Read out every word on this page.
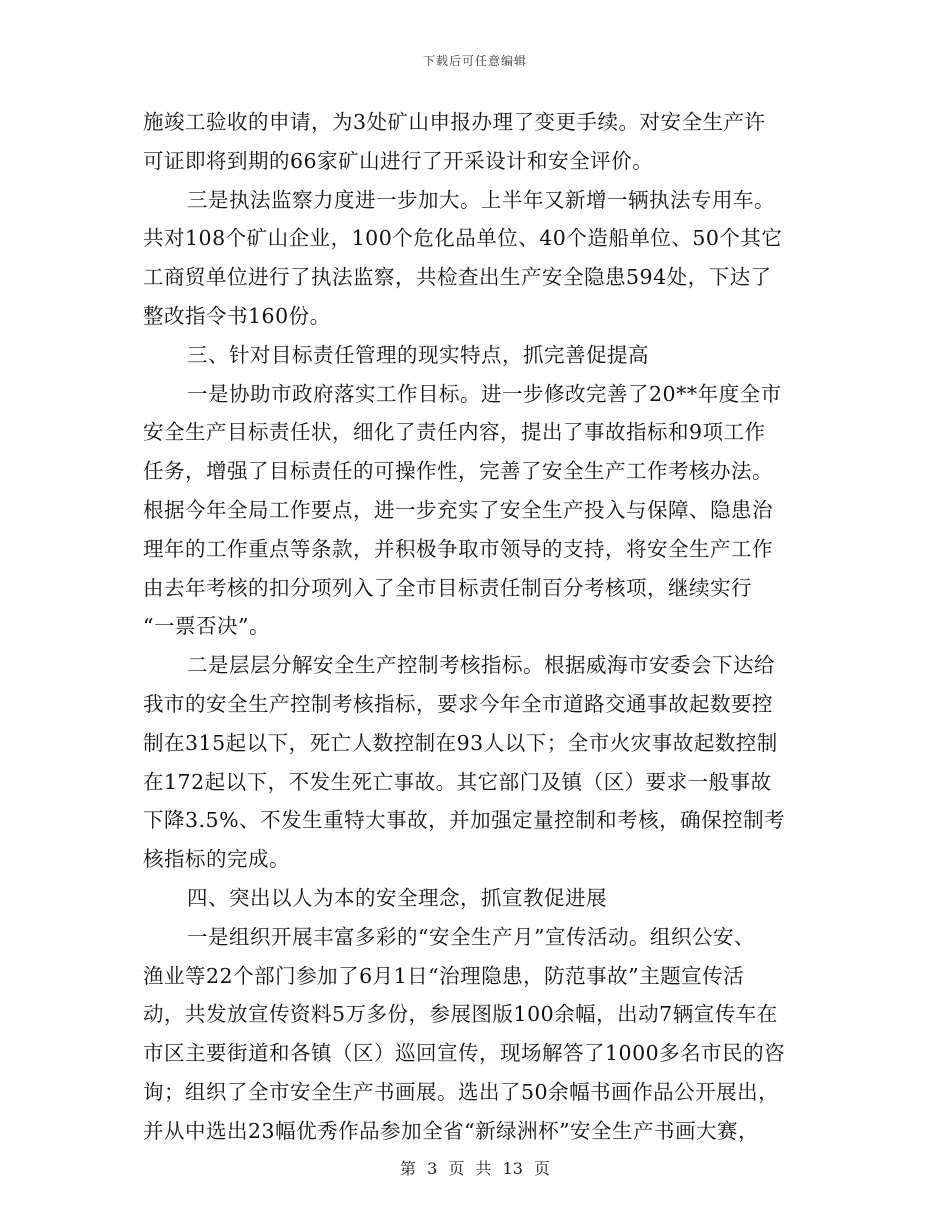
下载后可任意编辑
施竣工验收的申请，为3处矿山申报办理了变更手续。对安全生产许
可证即将到期的66家矿山进行了开采设计和安全评价。
三是执法监察力度进一步加大。上半年又新增一辆执法专用车。
共对108个矿山企业，100个危化品单位、40个造船单位、50个其它
工商贸单位进行了执法监察，共检查出生产安全隐患594处，下达了
整改指令书160份。
三、针对目标责任管理的现实特点，抓完善促提高
一是协助市政府落实工作目标。进一步修改完善了20**年度全市
安全生产目标责任状，细化了责任内容，提出了事故指标和9项工作
任务，增强了目标责任的可操作性，完善了安全生产工作考核办法。
根据今年全局工作要点，进一步充实了安全生产投入与保障、隐患治
理年的工作重点等条款，并积极争取市领导的支持，将安全生产工作
由去年考核的扣分项列入了全市目标责任制百分考核项，继续实行
“一票否决”。
二是层层分解安全生产控制考核指标。根据威海市安委会下达给
我市的安全生产控制考核指标，要求今年全市道路交通事故起数要控
制在315起以下，死亡人数控制在93人以下；全市火灾事故起数控制
在172起以下，不发生死亡事故。其它部门及镇（区）要求一般事故
下降3.5%、不发生重特大事故，并加强定量控制和考核，确保控制考
核指标的完成。
四、突出以人为本的安全理念，抓宣教促进展
一是组织开展丰富多彩的“安全生产月”宣传活动。组织公安、
渔业等22个部门参加了6月1日“治理隐患，防范事故”主题宣传活
动，共发放宣传资料5万多份，参展图版100余幅，出动7辆宣传车在
市区主要街道和各镇（区）巡回宣传，现场解答了1000多名市民的咨
询；组织了全市安全生产书画展。选出了50余幅书画作品公开展出，
并从中选出23幅优秀作品参加全省“新绿洲杯”安全生产书画大赛，
第 3 页 共 13 页
